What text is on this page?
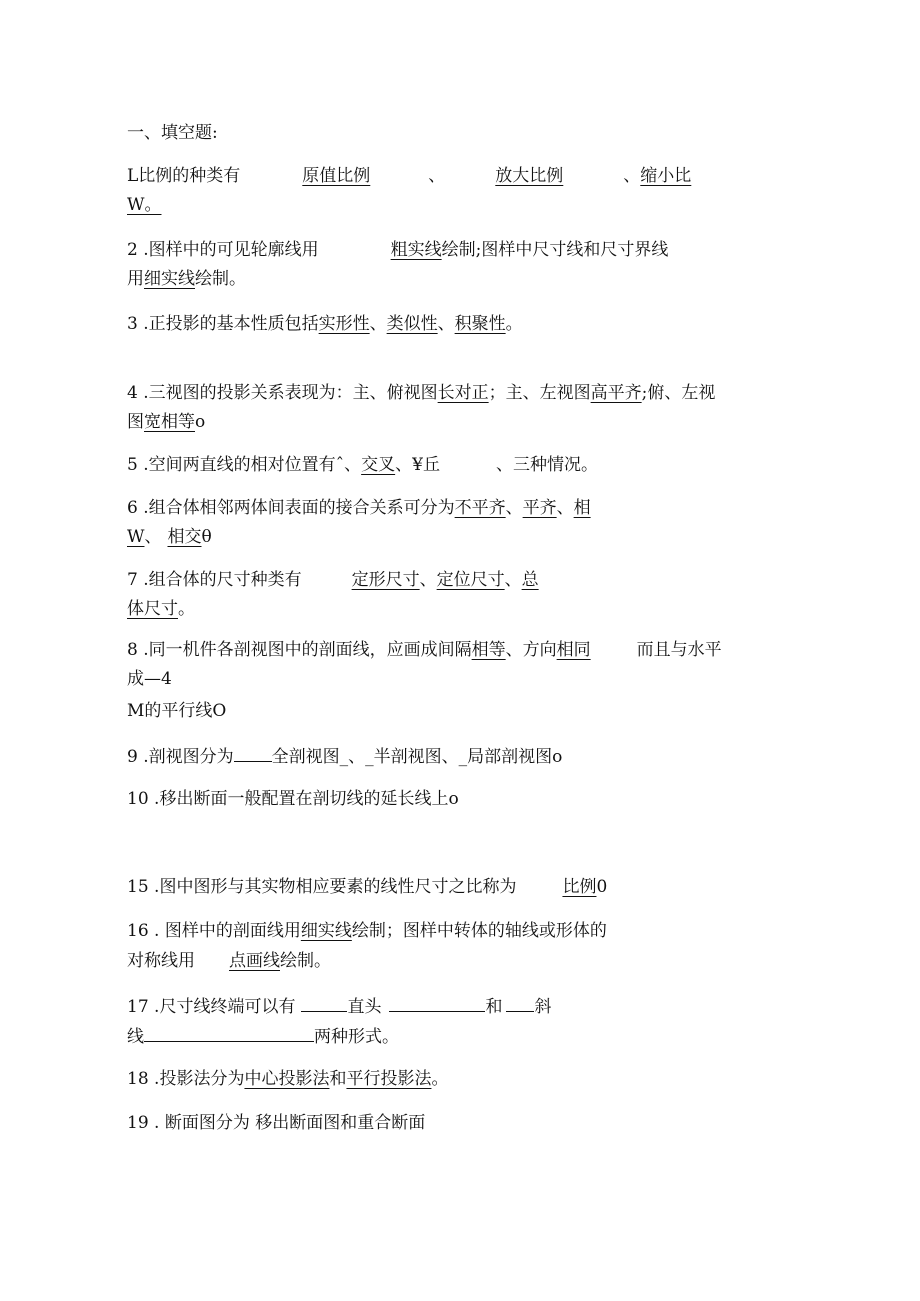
一、填空题:
L比例的种类有	原值比例	、	放大比例	、缩小比
W。
2 .图样中的可见轮廓线用	粗实线绘制;图样中尺寸线和尺寸界线
用细实线绘制。
3 .正投影的基本性质包括实形性、类似性、积聚性。
4 .三视图的投影关系表现为：主、俯视图长对正；主、左视图高平齐;俯、左视
图宽相等o
5 .空间两直线的相对位置有ˆ、交叉、¥丘	、三种情况。
6 .组合体相邻两体间表面的接合关系可分为不平齐、平齐、相
W、 相交θ
7 .组合体的尺寸种类有	定形尺寸、定位尺寸、总
体尺寸。
8 .同一机件各剖视图中的剖面线，应画成间隔相等、方向相同	而且与水平
成—4
M的平行线O
9 .剖视图分为 全剖视图_、_半剖视图、_局部剖视图o
10 .移出断面一般配置在剖切线的延长线上o
15 .图中图形与其实物相应要素的线性尺寸之比称为	比例0
16 . 图样中的剖面线用细实线绘制；图样中转体的轴线或形体的
对称线用 点画线绘制。
17 .尺寸线终端可以有	直头	和 斜
线	两种形式。
18 .投影法分为中心投影法和平行投影法。
19 . 断面图分为 移出断面图和重合断面
